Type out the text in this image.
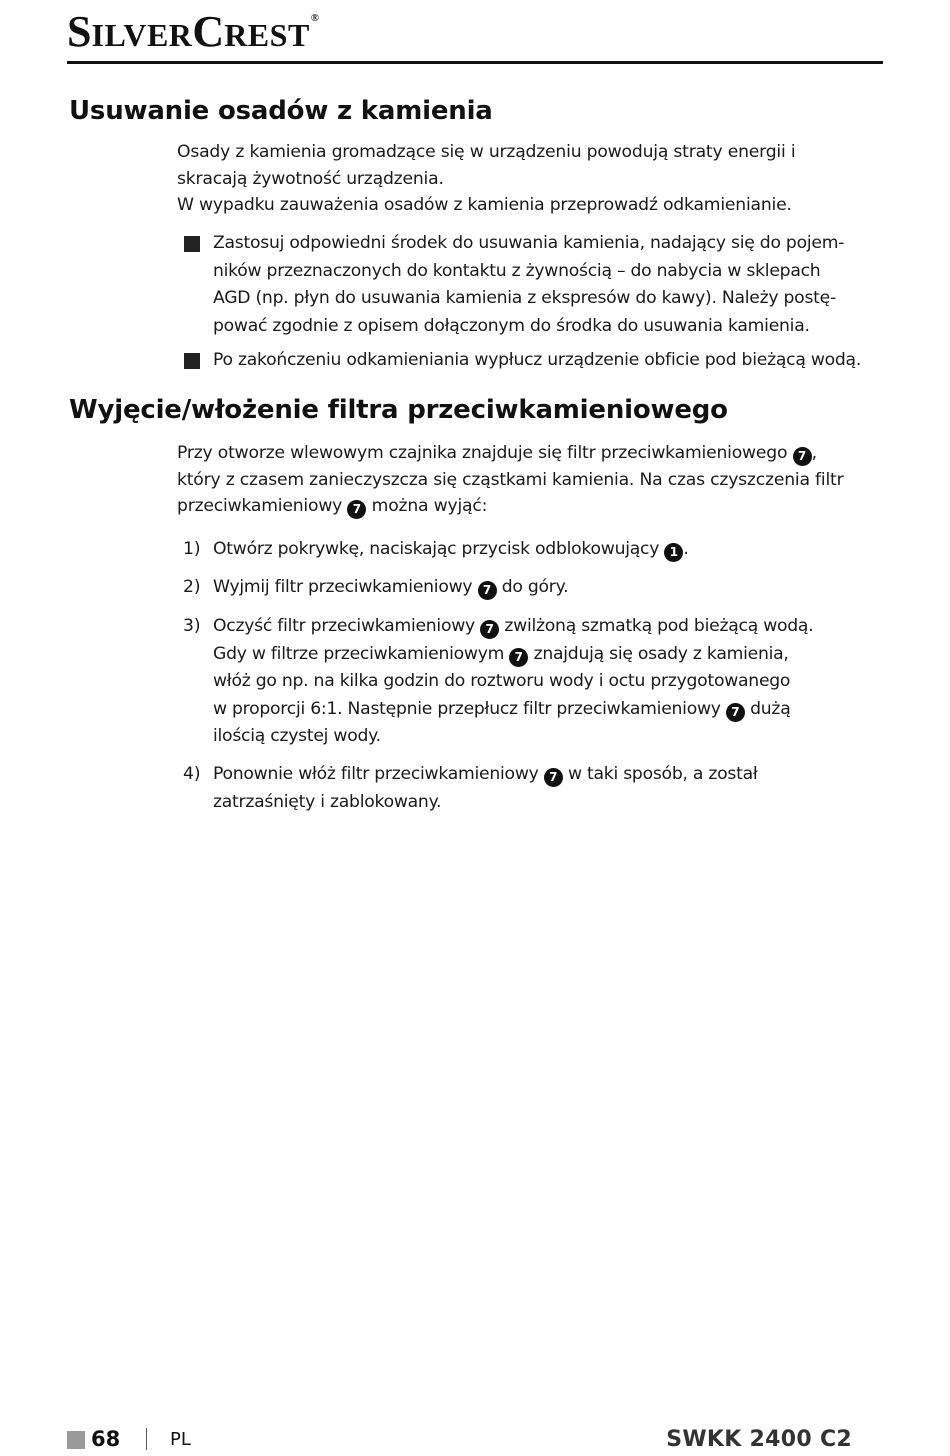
SILVERCREST®
Usuwanie osadów z kamienia
Osady z kamienia gromadzące się w urządzeniu powodują straty energii i
skracają żywotność urządzenia.
W wypadku zauważenia osadów z kamienia przeprowadź odkamienianie.
Zastosuj odpowiedni środek do usuwania kamienia, nadający się do pojem-
ników przeznaczonych do kontaktu z żywnością – do nabycia w sklepach
AGD (np. płyn do usuwania kamienia z ekspresów do kawy). Należy postę-
pować zgodnie z opisem dołączonym do środka do usuwania kamienia.
Po zakończeniu odkamieniania wypłucz urządzenie obficie pod bieżącą wodą.
Wyjęcie/włożenie filtra przeciwkamieniowego
Przy otworze wlewowym czajnika znajduje się filtr przeciwkamieniowego 7 ,
który z czasem zanieczyszcza się cząstkami kamienia. Na czas czyszczenia filtr
przeciwkamieniowy 7 można wyjąć:
1) Otwórz pokrywkę, naciskając przycisk odblokowujący 1 .
2) Wyjmij filtr przeciwkamieniowy 7 do góry.
3) Oczyść filtr przeciwkamieniowy 7 zwilżoną szmatką pod bieżącą wodą.
Gdy w filtrze przeciwkamieniowym 7 znajdują się osady z kamienia,
włóż go np. na kilka godzin do roztworu wody i octu przygotowanego
w proporcji 6:1. Następnie przepłucz filtr przeciwkamieniowy 7 dużą
ilością czystej wody.
4) Ponownie włóż filtr przeciwkamieniowy 7 w taki sposób, a został
zatrzaśnięty i zablokowany.
68	PL	SWKK 2400 C2
